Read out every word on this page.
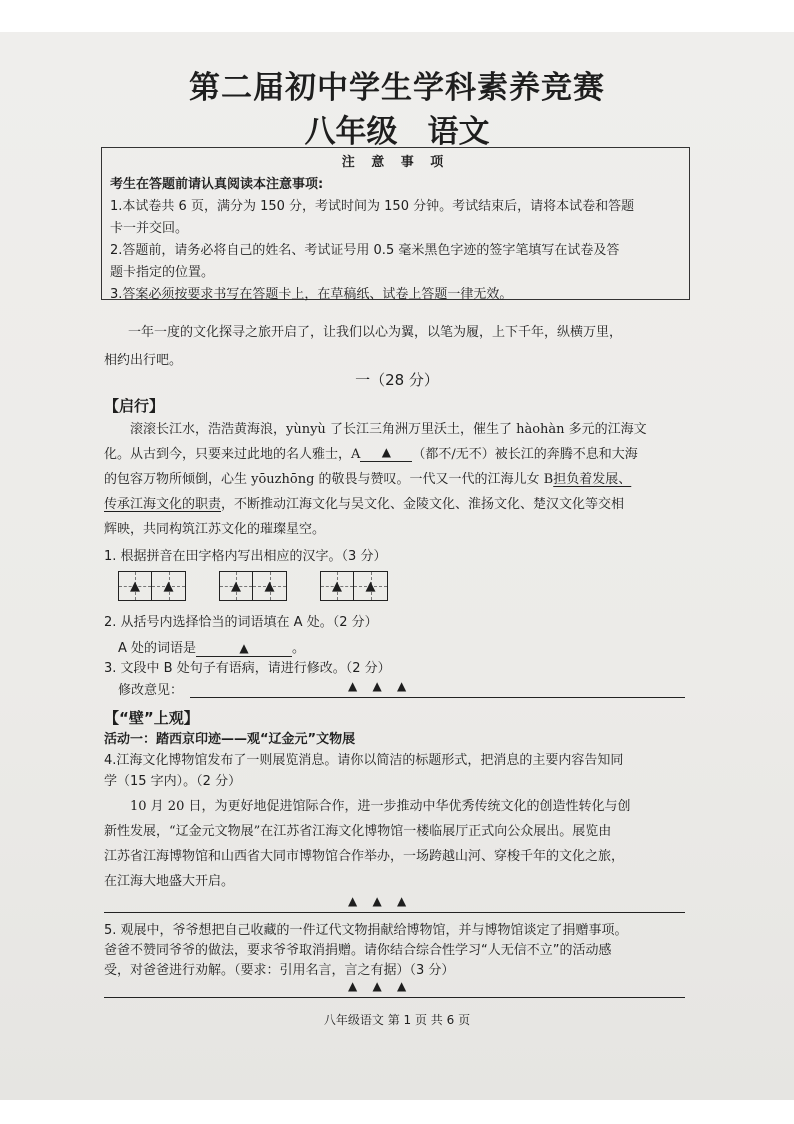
第二届初中学生学科素养竞赛
八年级 语文
注 意 事 项
考生在答题前请认真阅读本注意事项:
1.本试卷共 6 页，满分为 150 分，考试时间为 150 分钟。考试结束后，请将本试卷和答题
卡一并交回。
2.答题前，请务必将自己的姓名、考试证号用 0.5 毫米黑色字迹的签字笔填写在试卷及答
题卡指定的位置。
3.答案必须按要求书写在答题卡上，在草稿纸、试卷上答题一律无效。
一年一度的文化探寻之旅开启了，让我们以心为翼，以笔为履，上下千年，纵横万里，
相约出行吧。
一（28 分）
【启行】
滚滚长江水，浩浩黄海浪，yùnyù 了长江三角洲万里沃土，催生了 hàohàn 多元的江海文
化。从古到今，只要来过此地的名人雅士，A ▲ （都不/无不）被长江的奔腾不息和大海
的包容万物所倾倒，心生 yōuzhōng 的敬畏与赞叹。一代又一代的江海儿女 B担负着发展、
传承江海文化的职责，不断推动江海文化与吴文化、金陵文化、淮扬文化、楚汉文化等交相
辉映，共同构筑江苏文化的璀璨星空。
1. 根据拼音在田字格内写出相应的汉字。（3 分）
▲ ▲	▲ ▲	▲ ▲
2. 从括号内选择恰当的词语填在 A 处。（2 分）
A 处的词语是	▲	。
3. 文段中 B 处句子有语病，请进行修改。（2 分）
修改意见：	▲    ▲    ▲
【“壁”上观】
活动一：踏西京印迹——观“辽金元”文物展
4.江海文化博物馆发布了一则展览消息。请你以简洁的标题形式，把消息的主要内容告知同
学（15 字内）。（2 分）
10 月 20 日，为更好地促进馆际合作，进一步推动中华优秀传统文化的创造性转化与创
新性发展，“辽金元文物展”在江苏省江海文化博物馆一楼临展厅正式向公众展出。展览由
江苏省江海博物馆和山西省大同市博物馆合作举办，一场跨越山河、穿梭千年的文化之旅，
在江海大地盛大开启。
▲    ▲    ▲
5. 观展中，爷爷想把自己收藏的一件辽代文物捐献给博物馆，并与博物馆谈定了捐赠事项。
爸爸不赞同爷爷的做法，要求爷爷取消捐赠。请你结合综合性学习“人无信不立”的活动感
受，对爸爸进行劝解。（要求：引用名言，言之有据）（3 分）
▲    ▲    ▲
八年级语文 第 1 页 共 6 页
